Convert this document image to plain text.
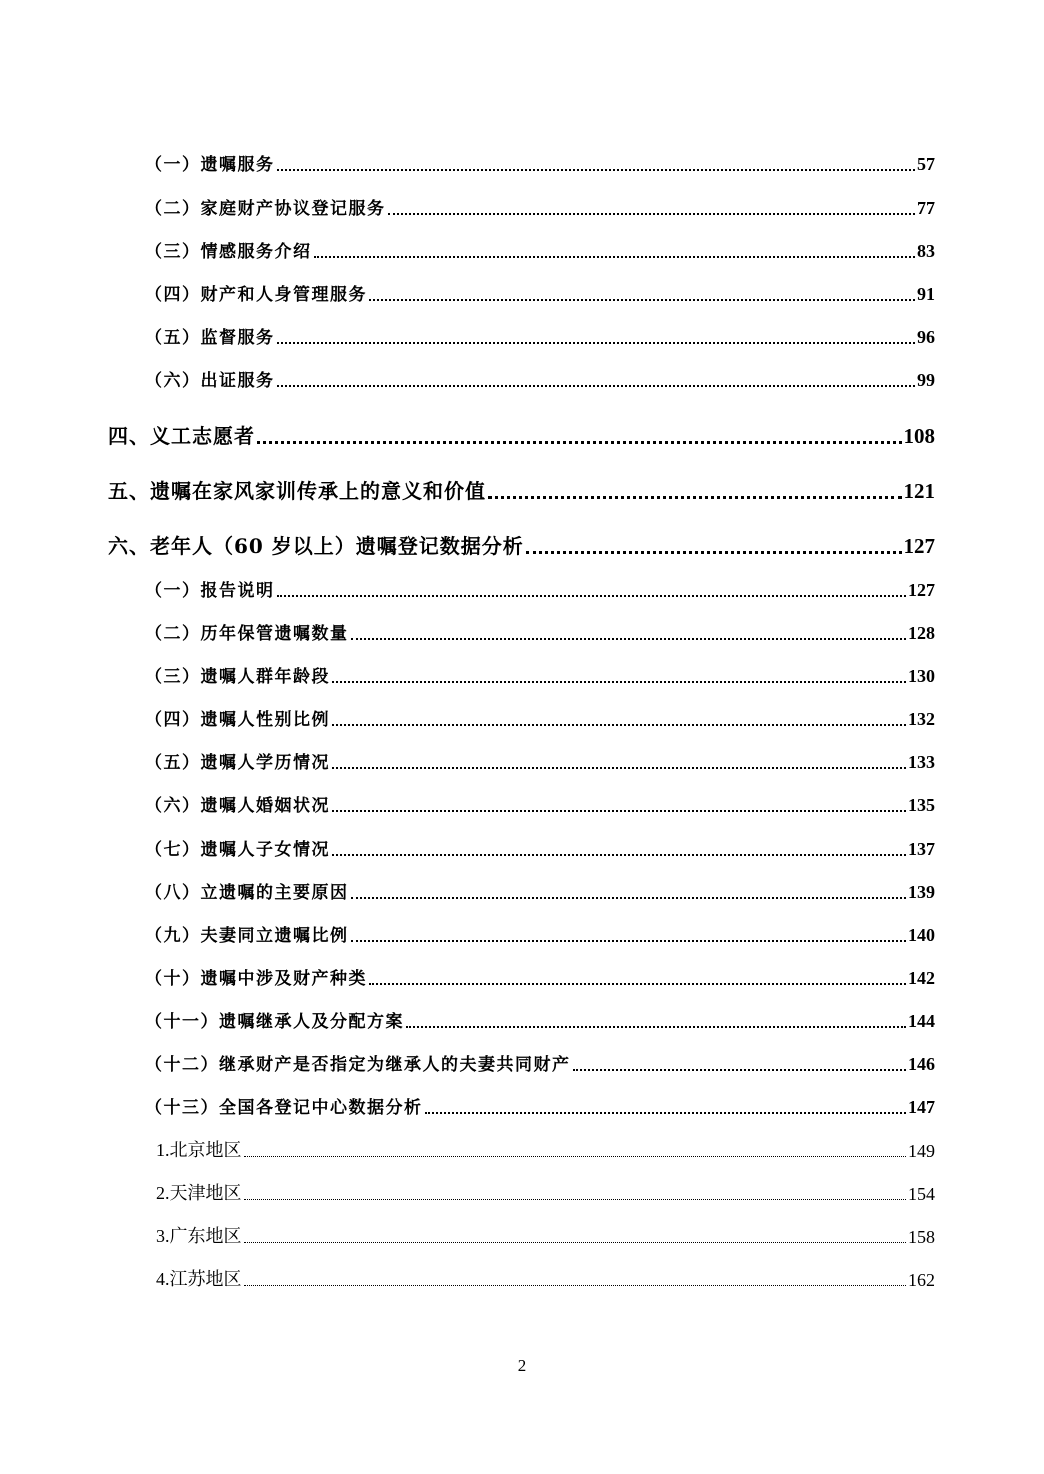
（一）遗嘱服务	57
（二）家庭财产协议登记服务	77
（三）情感服务介绍	83
（四）财产和人身管理服务	91
（五）监督服务	96
（六）出证服务	99
四、义工志愿者	108
五、遗嘱在家风家训传承上的意义和价值	121
六、老年人（60 岁以上）遗嘱登记数据分析	127
（一）报告说明	127
（二）历年保管遗嘱数量	128
（三）遗嘱人群年龄段	130
（四）遗嘱人性别比例	132
（五）遗嘱人学历情况	133
（六）遗嘱人婚姻状况	135
（七）遗嘱人子女情况	137
（八）立遗嘱的主要原因	139
（九）夫妻同立遗嘱比例	140
（十）遗嘱中涉及财产种类	142
（十一）遗嘱继承人及分配方案	144
（十二）继承财产是否指定为继承人的夫妻共同财产	146
（十三）全国各登记中心数据分析	147
1.北京地区	149
2.天津地区	154
3.广东地区	158
4.江苏地区	162
2
